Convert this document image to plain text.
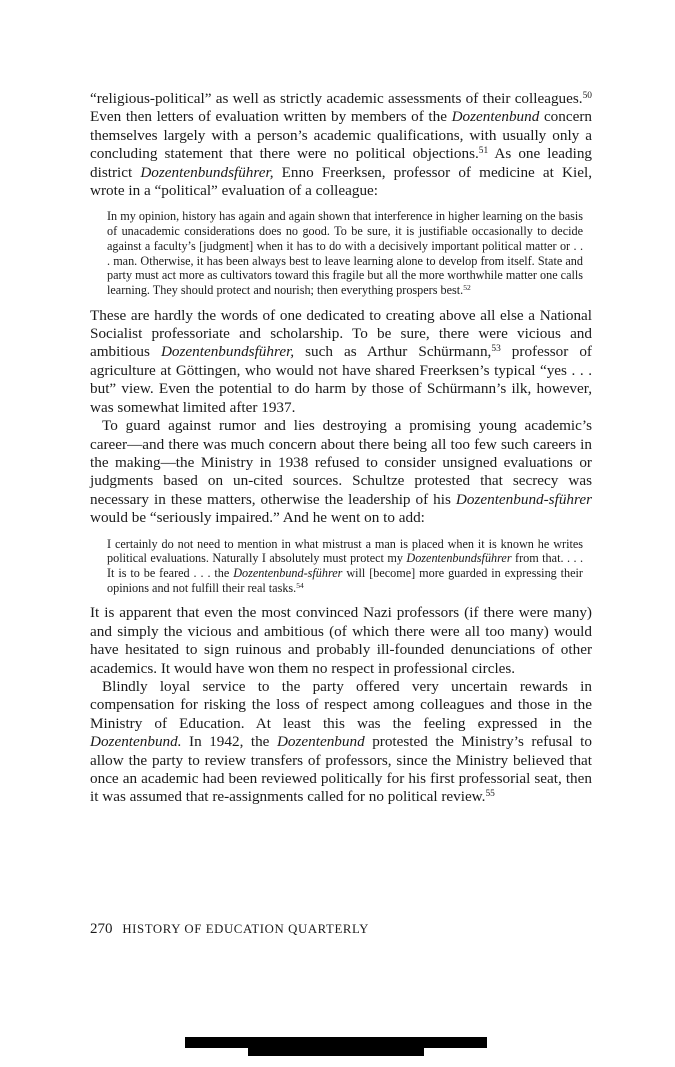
“religious-political” as well as strictly academic assessments of their colleagues.$^{50}$ Even then letters of evaluation written by members of the Dozentenbund concern themselves largely with a person’s academic qualifications, with usually only a concluding statement that there were no political objections.$^{51}$ As one leading district Dozentenbundsführer, Enno Freerksen, professor of medicine at Kiel, wrote in a “political” evaluation of a colleague:

In my opinion, history has again and again shown that interference in higher learning on the basis of unacademic considerations does no good. To be sure, it is justifiable occasionally to decide against a faculty’s [judgment] when it has to do with a decisively important political matter or . . . man. Otherwise, it has been always best to leave learning alone to develop from itself. State and party must act more as cultivators toward this fragile but all the more worthwhile matter one calls learning. They should protect and nourish; then everything prospers best.$^{52}$

These are hardly the words of one dedicated to creating above all else a National Socialist professoriate and scholarship. To be sure, there were vicious and ambitious Dozentenbundsführer, such as Arthur Schürmann,$^{53}$ professor of agriculture at Göttingen, who would not have shared Freerksen’s typical “yes . . . but” view. Even the potential to do harm by those of Schürmann’s ilk, however, was somewhat limited after 1937.

To guard against rumor and lies destroying a promising young academic’s career—and there was much concern about there being all too few such careers in the making—the Ministry in 1938 refused to consider unsigned evaluations or judgments based on un-cited sources. Schultze protested that secrecy was necessary in these matters, otherwise the leadership of his Dozentenbund-sführer would be “seriously impaired.” And he went on to add:

I certainly do not need to mention in what mistrust a man is placed when it is known he writes political evaluations. Naturally I absolutely must protect my Dozentenbundsführer from that. . . . It is to be feared . . . the Dozentenbund-sführer will [become] more guarded in expressing their opinions and not fulfill their real tasks.$^{54}$

It is apparent that even the most convinced Nazi professors (if there were many) and simply the vicious and ambitious (of which there were all too many) would have hesitated to sign ruinous and probably ill-founded denunciations of other academics. It would have won them no respect in professional circles.

Blindly loyal service to the party offered very uncertain rewards in compensation for risking the loss of respect among colleagues and those in the Ministry of Education. At least this was the feeling expressed in the Dozentenbund. In 1942, the Dozentenbund protested the Ministry’s refusal to allow the party to review transfers of professors, since the Ministry believed that once an academic had been reviewed politically for his first professorial seat, then it was assumed that re-assignments called for no political review.$^{55}$

270 HISTORY OF EDUCATION QUARTERLY
